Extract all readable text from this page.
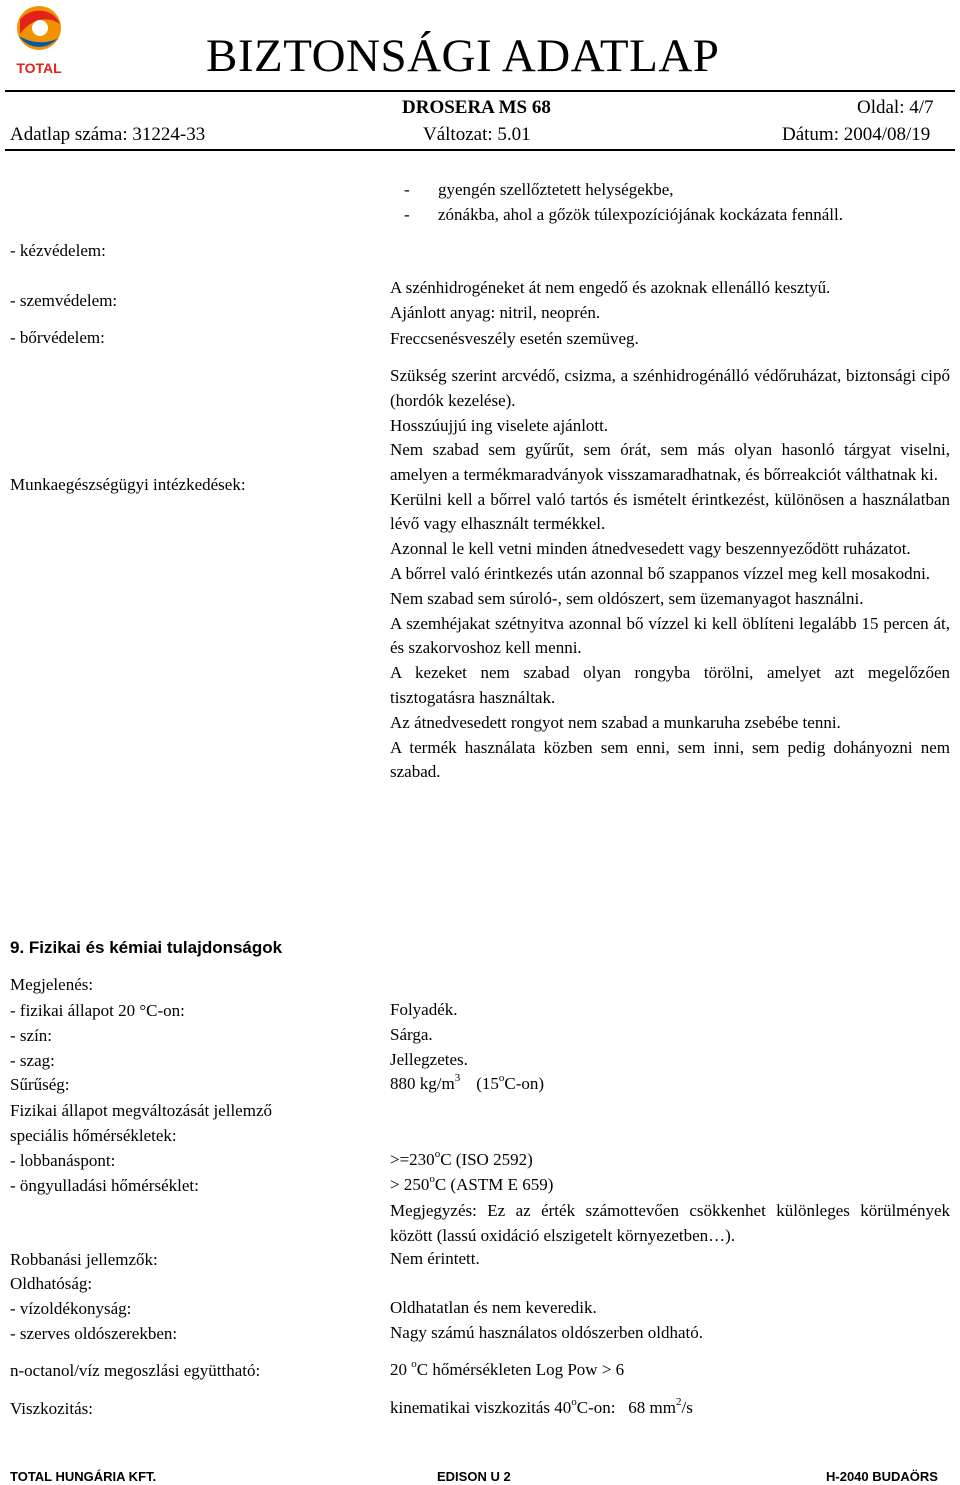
TOTAL	BIZTONSÁGI ADATLAP
DROSERA MS 68	Oldal: 4/7
Adatlap száma: 31224-33	Változat: 5.01	Dátum: 2004/08/19
- gyengén szellőztetett helységekbe,
- zónákba, ahol a gőzök túlexpozíciójának kockázata fennáll.
- kézvédelem:

A szénhidrogéneket át nem engedő és azoknak ellenálló kesztyű.

Ajánlott anyag: nitril, neoprén.

- szemvédelem:

Freccsenésveszély esetén szemüveg.

- bőrvédelem:

Szükség szerint arcvédő, csizma, a szénhidrogénálló védőruházat, biztonsági cipő (hordók kezelése).

Hosszúujjú ing viselete ajánlott.

Munkaegészségügyi intézkedések:

Nem szabad sem gyűrűt, sem órát, sem más olyan hasonló tárgyat viselni, amelyen a termékmaradványok visszamaradhatnak, és bőrreakciót válthatnak ki.

Kerülni kell a bőrrel való tartós és ismételt érintkezést, különösen a használatban lévő vagy elhasznált termékkel.

Azonnal le kell vetni minden átnedvesedett vagy beszennyeződött ruházatot.

A bőrrel való érintkezés után azonnal bő szappanos vízzel meg kell mosakodni.

Nem szabad sem súroló-, sem oldószert, sem üzemanyagot használni.

A szemhéjakat szétnyitva azonnal bő vízzel ki kell öblíteni legalább 15 percen át, és szakorvoshoz kell menni.

A kezeket nem szabad olyan rongyba törölni, amelyet azt megelőzően tisztogatásra használtak.

Az átnedvesedett rongyot nem szabad a munkaruha zsebébe tenni.

A termék használata közben sem enni, sem inni, sem pedig dohányozni nem szabad.

9. Fizikai és kémiai tulajdonságok
Megjelenés:
- fizikai állapot 20 °C-on:	Folyadék.
- szín:	Sárga.
- szag:	Jellegzetes.
Sűrűség:	880 $kg/m^3$ (15$^o$C-on)
Fizikai állapot megváltozását jellemző
speciális hőmérsékletek:
- lobbanáspont:	$>=230^oC$ (ISO 2592)
- öngyulladási hőmérséklet:	> $250^oC$ (ASTM E 659)

Megjegyzés: Ez az érték számottevően csökkenhet különleges körülmények között (lassú oxidáció elszigetelt környezetben…).

Robbanási jellemzők:	Nem érintett.
Oldhatóság:
- vízoldékonyság:	Oldhatatlan és nem keveredik.
- szerves oldószerekben:	Nagy számú használatos oldószerben oldható.
n-octanol/víz megoszlási együttható:	20 $^o$C hőmérsékleten Log Pow > 6
Viszkozitás:	kinematikai viszkozitás 40$^o$C-on:   68 $mm^2/s$
TOTAL HUNGÁRIA KFT.	EDISON U 2	H-2040 BUDAÖRS
